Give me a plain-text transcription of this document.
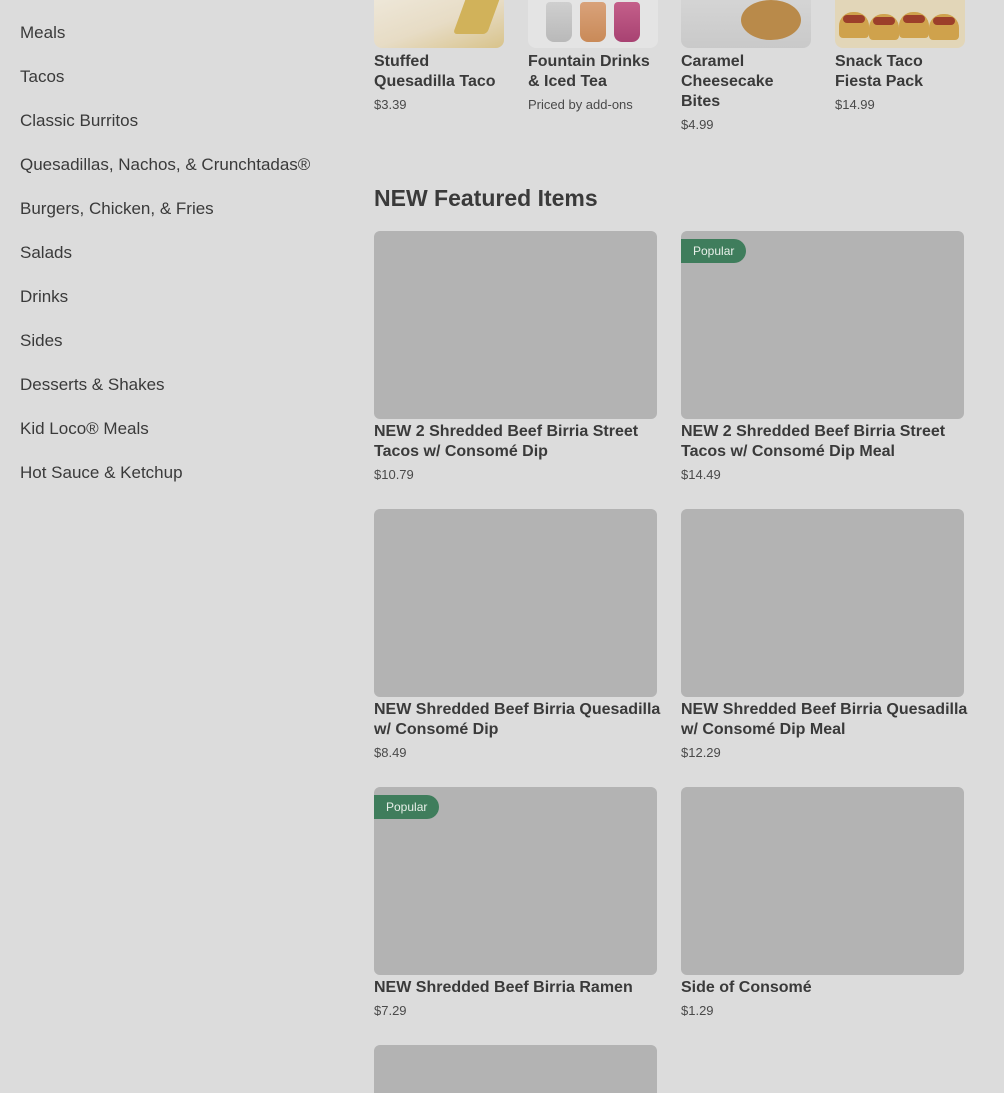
Meals
Tacos
Classic Burritos
Quesadillas, Nachos, & Crunchtadas®
Burgers, Chicken, & Fries
Salads
Drinks
Sides
Desserts & Shakes
Kid Loco® Meals
Hot Sauce & Ketchup
Stuffed
Quesadilla Taco
$3.39
Fountain Drinks
& Iced Tea
Priced by add-ons
Caramel
Cheesecake
Bites
$4.99
Snack Taco
Fiesta Pack
$14.99
NEW Featured Items
NEW 2 Shredded Beef Birria Street
Tacos w/ Consomé Dip
$10.79
Popular
NEW 2 Shredded Beef Birria Street
Tacos w/ Consomé Dip Meal
$14.49
NEW Shredded Beef Birria Quesadilla
w/ Consomé Dip
$8.49
NEW Shredded Beef Birria Quesadilla
w/ Consomé Dip Meal
$12.29
Popular
NEW Shredded Beef Birria Ramen
$7.29
Side of Consomé
$1.29
